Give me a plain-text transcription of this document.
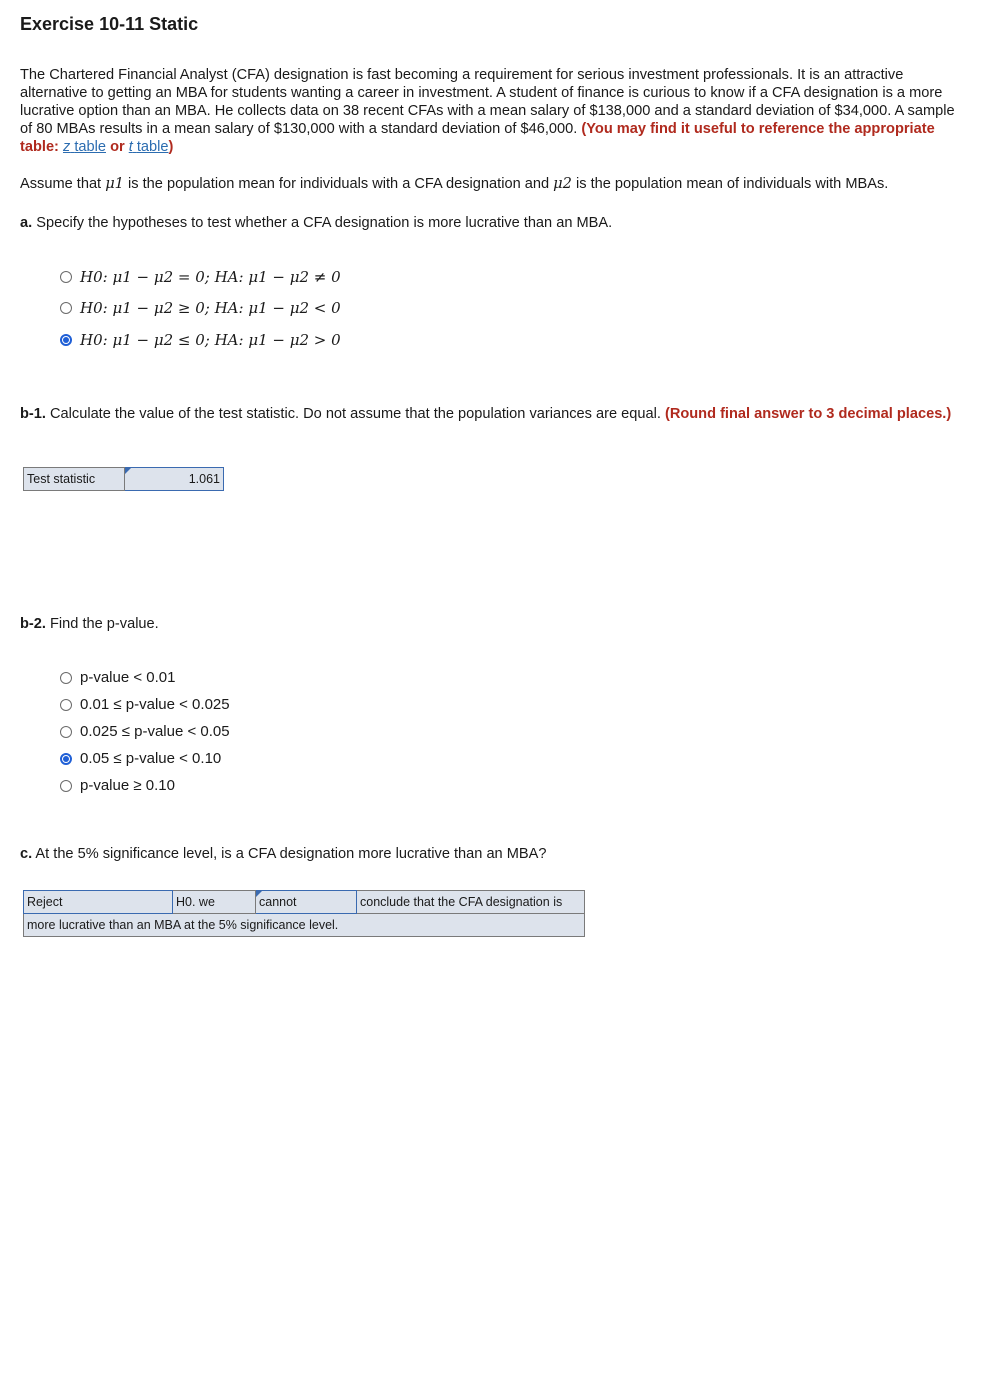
Exercise 10-11 Static
The Chartered Financial Analyst (CFA) designation is fast becoming a requirement for serious investment professionals. It is an attractive alternative to getting an MBA for students wanting a career in investment. A student of finance is curious to know if a CFA designation is a more lucrative option than an MBA. He collects data on 38 recent CFAs with a mean salary of $138,000 and a standard deviation of $34,000. A sample of 80 MBAs results in a mean salary of $130,000 with a standard deviation of $46,000. (You may find it useful to reference the appropriate table: z table or t table)
Assume that μ1 is the population mean for individuals with a CFA designation and μ2 is the population mean of individuals with MBAs.
a. Specify the hypotheses to test whether a CFA designation is more lucrative than an MBA.
H0: μ1 − μ2 = 0; HA: μ1 − μ2 ≠ 0
H0: μ1 − μ2 ≥ 0; HA: μ1 − μ2 < 0
H0: μ1 − μ2 ≤ 0; HA: μ1 − μ2 > 0
b-1. Calculate the value of the test statistic. Do not assume that the population variances are equal. (Round final answer to 3 decimal places.)
Test statistic	1.061
b-2. Find the p-value.
p-value < 0.01
0.01 ≤ p-value < 0.025
0.025 ≤ p-value < 0.05
0.05 ≤ p-value < 0.10
p-value ≥ 0.10
c. At the 5% significance level, is a CFA designation more lucrative than an MBA?
Reject	H0. we	cannot	conclude that the CFA designation is
more lucrative than an MBA at the 5% significance level.
